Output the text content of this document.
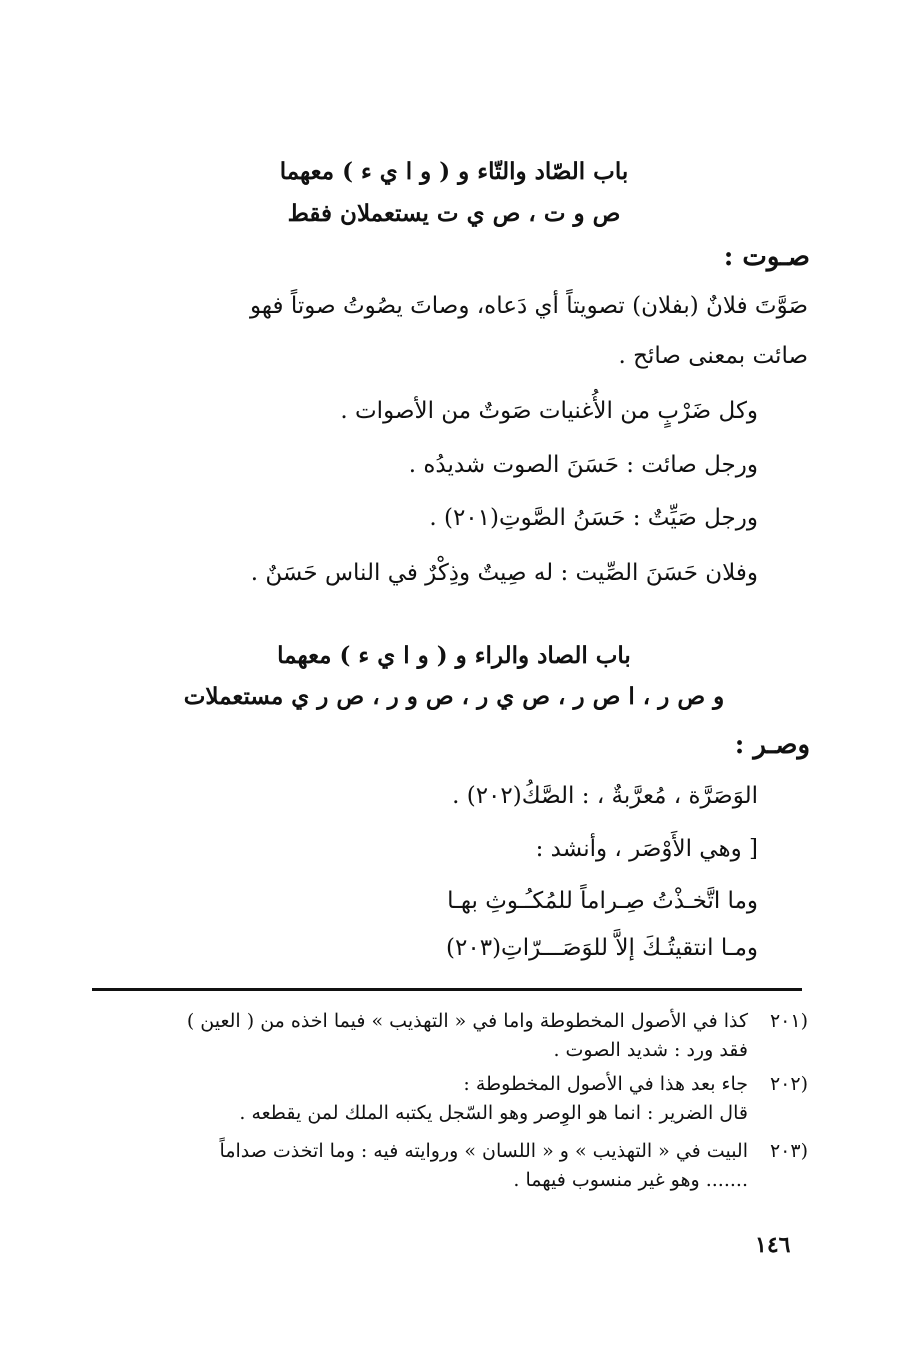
باب الصّاد والتّاء و ( و ا ي ء ) معهما
ص و ت ، ص ي ت يستعملان فقط
صـوت :
صَوَّتَ فلانٌ (بفلان) تصويتاً أي دَعاه، وصاتَ يصُوتُ صوتاً فهو
صائت بمعنى صائح .
وكل ضَرْبٍ من الأُغنيات صَوتٌ من الأصوات .
ورجل صائت : حَسَنَ الصوت شديدُه .
ورجل صَيِّتٌ : حَسَنُ الصَّوتِ(٢٠١) .
وفلان حَسَنَ الصِّيت : له صِيتٌ وذِكْرٌ في الناس حَسَنٌ .
باب الصاد والراء و ( و ا ي ء ) معهما
و ص ر ، ا ص ر ، ص ي ر ، ص و ر ، ص ر ي مستعملات
وصـر :
الوَصَرَّة ، مُعرَّبةٌ ، : الصَّكُ(٢٠٢) .
[ وهي الأَوْصَر ، وأنشد :
وما اتَّخـذْتُ صِـراماً للمُكـُـوثِ بهـا
ومـا انتقيتُـكَ إلاَّ للوَصَـــرّاتِ(٢٠٣)
(٢٠١
كذا في الأصول المخطوطة واما في « التهذيب » فيما اخذه من ( العين )
فقد ورد : شديد الصوت .
(٢٠٢
جاء بعد هذا في الأصول المخطوطة :
قال الضرير : انما هو الوِصر وهو السّجل يكتبه الملك لمن يقطعه .
(٢٠٣
البيت في « التهذيب » و « اللسان » وروايته فيه : وما اتخذت صداماً
....... وهو غير منسوب فيهما .
١٤٦
